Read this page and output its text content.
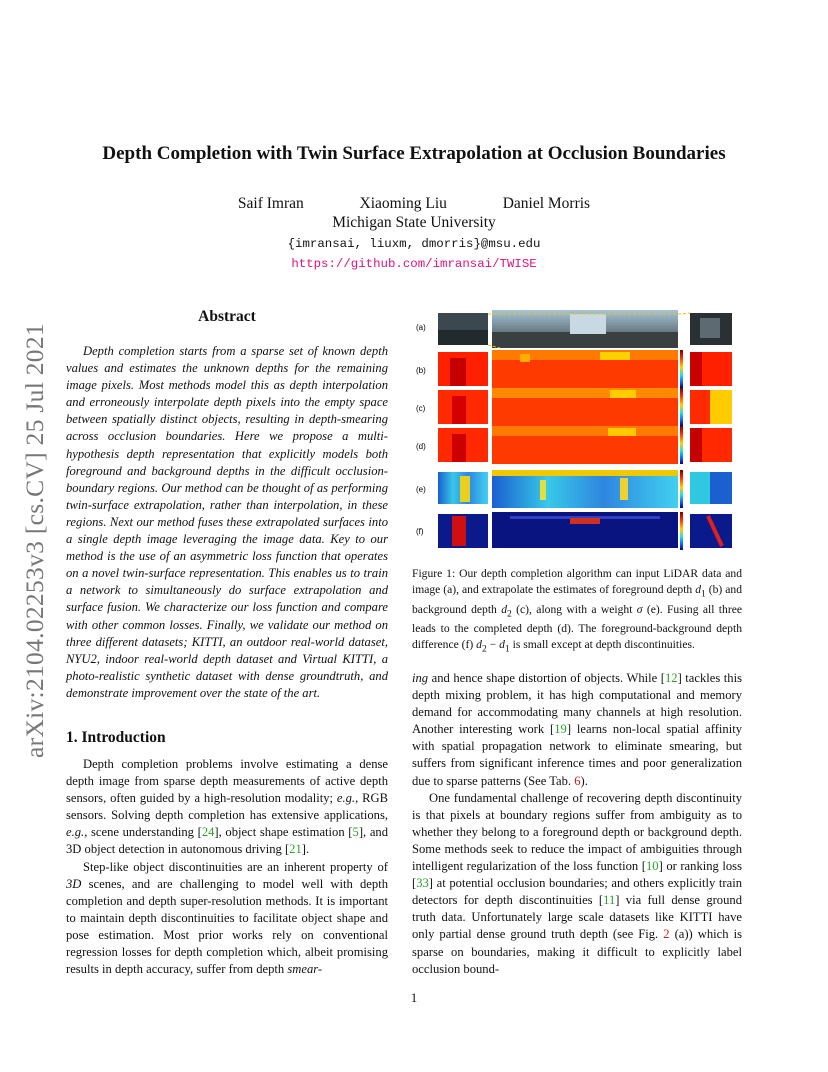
arXiv:2104.02253v3 [cs.CV] 25 Jul 2021
Depth Completion with Twin Surface Extrapolation at Occlusion Boundaries
Saif Imran	Xiaoming Liu	Daniel Morris
Michigan State University
{imransai, liuxm, dmorris}@msu.edu
https://github.com/imransai/TWISE
Abstract
Depth completion starts from a sparse set of known depth values and estimates the unknown depths for the remaining image pixels. Most methods model this as depth interpolation and erroneously interpolate depth pixels into the empty space between spatially distinct objects, resulting in depth-smearing across occlusion boundaries. Here we propose a multi-hypothesis depth representation that explicitly models both foreground and background depths in the difficult occlusion-boundary regions. Our method can be thought of as performing twin-surface extrapolation, rather than interpolation, in these regions. Next our method fuses these extrapolated surfaces into a single depth image leveraging the image data. Key to our method is the use of an asymmetric loss function that operates on a novel twin-surface representation. This enables us to train a network to simultaneously do surface extrapolation and surface fusion. We characterize our loss function and compare with other common losses. Finally, we validate our method on three different datasets; KITTI, an outdoor real-world dataset, NYU2, indoor real-world depth dataset and Virtual KITTI, a photo-realistic synthetic dataset with dense groundtruth, and demonstrate improvement over the state of the art.
1. Introduction

Depth completion problems involve estimating a dense depth image from sparse depth measurements of active depth sensors, often guided by a high-resolution modality; e.g., RGB sensors. Solving depth completion has extensive applications, e.g., scene understanding [24], object shape estimation [5], and 3D object detection in autonomous driving [21].

Step-like object discontinuities are an inherent property of 3D scenes, and are challenging to model well with depth completion and depth super-resolution methods. It is important to maintain depth discontinuities to facilitate object shape and pose estimation. Most prior works rely on conventional regression losses for depth completion which, albeit promising results in depth accuracy, suffer from depth smear-

(a)
(b)
(c)
(d)
(e)
(f)
Figure 1: Our depth completion algorithm can input LiDAR data and image (a), and extrapolate the estimates of foreground depth $d_1$ (b) and background depth $d_2$ (c), along with a weight σ (e). Fusing all three leads to the completed depth (d). The foreground-background depth difference (f) $d_2 - d_1$ is small except at depth discontinuities.

ing and hence shape distortion of objects. While [12] tackles this depth mixing problem, it has high computational and memory demand for accommodating many channels at high resolution. Another interesting work [19] learns non-local spatial affinity with spatial propagation network to eliminate smearing, but suffers from significant inference times and poor generalization due to sparse patterns (See Tab. 6).

One fundamental challenge of recovering depth discontinuity is that pixels at boundary regions suffer from ambiguity as to whether they belong to a foreground depth or background depth. Some methods seek to reduce the impact of ambiguities through intelligent regularization of the loss function [10] or ranking loss [33] at potential occlusion boundaries; and others explicitly train detectors for depth discontinuities [11] via full dense ground truth data. Unfortunately large scale datasets like KITTI have only partial dense ground truth depth (see Fig. 2 (a)) which is sparse on boundaries, making it difficult to explicitly label occlusion bound-

1
